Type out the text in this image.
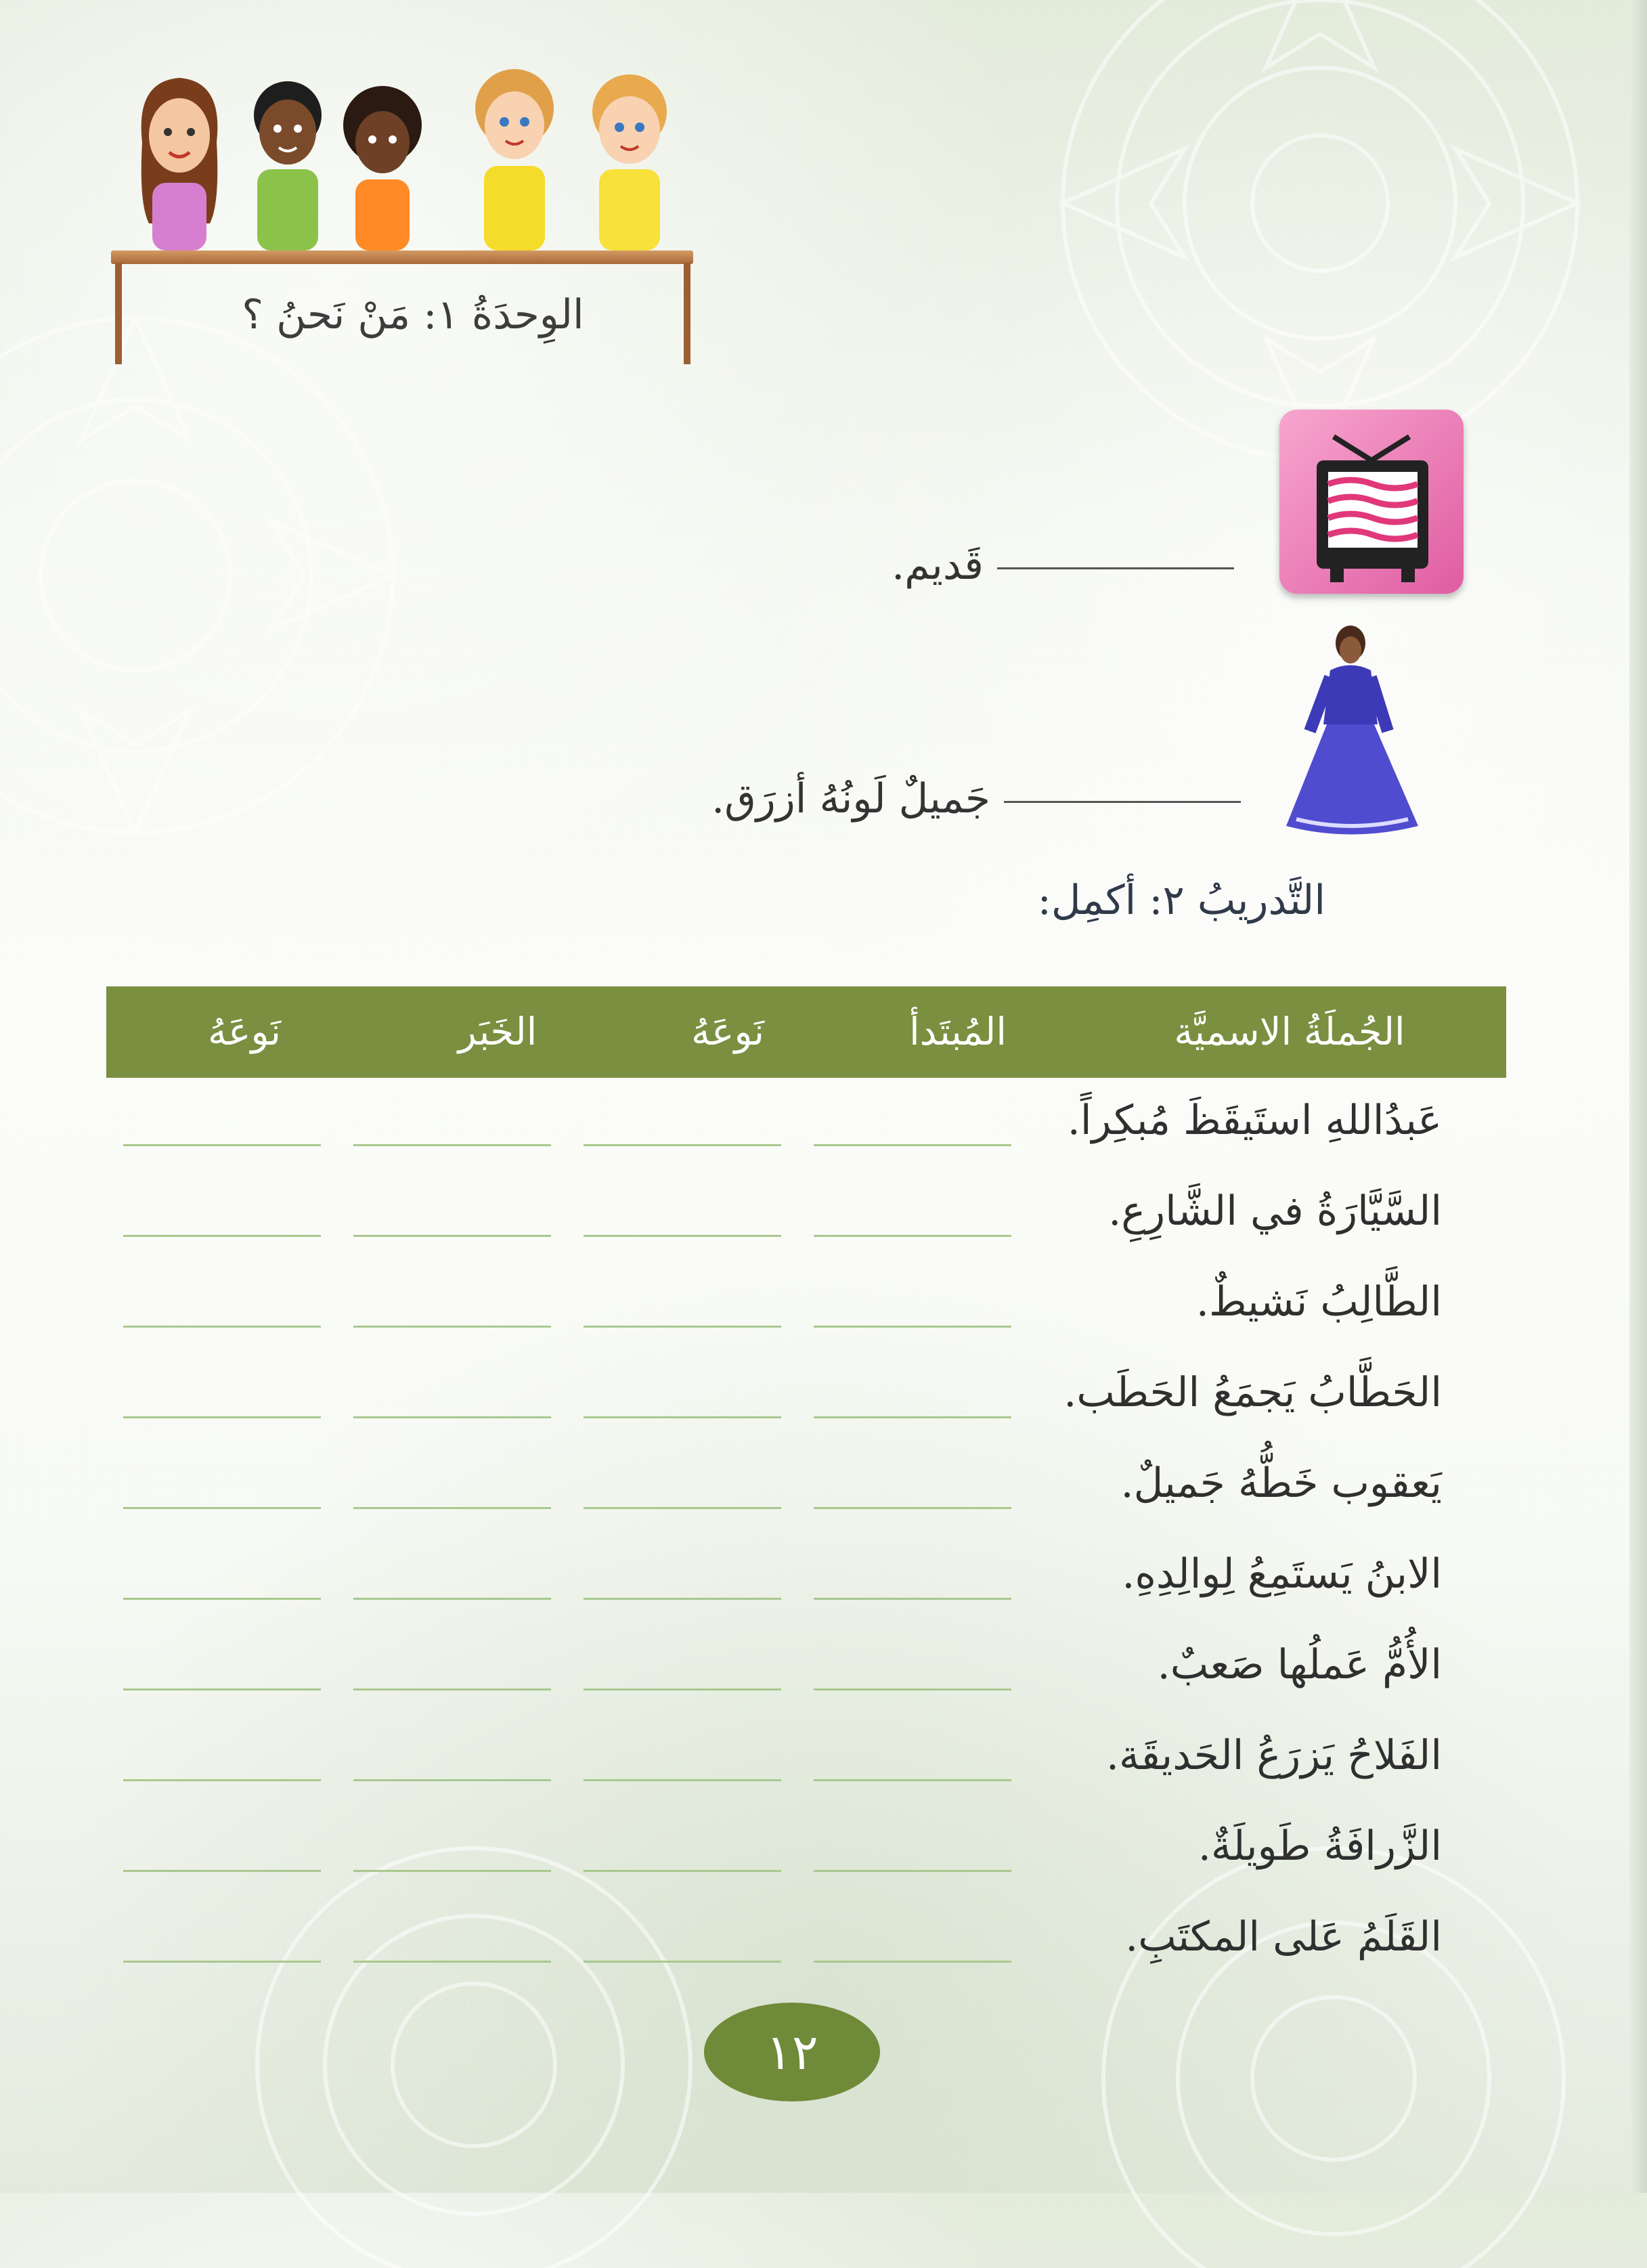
الوِحدَةُ ١: مَنْ نَحنُ ؟
قَديم.
جَميلٌ لَونُهُ أزرَق.
التَّدريبُ ٢: أكمِل:
الجُملَةُ الاسميَّة
المُبتَدأ
نَوعَهُ
الخَبَر
نَوعَهُ
عَبدُاللهِ استَيقَظَ مُبكِراً.
السَّيَّارَةُ في الشَّارِعِ.
الطَّالِبُ نَشيطٌ.
الحَطَّابُ يَجمَعُ الحَطَب.
يَعقوب خَطُّهُ جَميلٌ.
الابنُ يَستَمِعُ لِوالِدِهِ.
الأُمُّ عَملُها صَعبٌ.
الفَلاحُ يَزرَعُ الحَديقَة.
الزَّرافَةُ طَويلَةٌ.
القَلَمُ عَلى المكتَبِ.
١٢
